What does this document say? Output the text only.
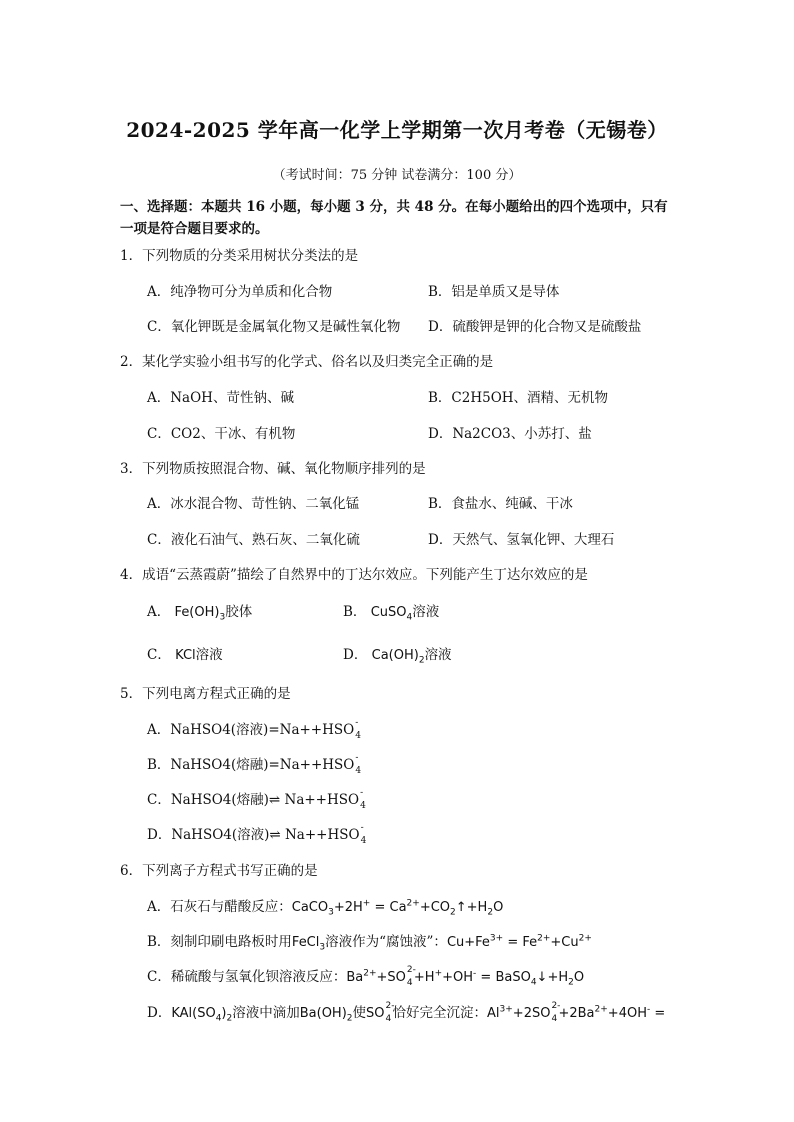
2024-2025 学年高一化学上学期第一次月考卷（无锡卷）
（考试时间：75 分钟 试卷满分：100 分）
一、选择题：本题共 16 小题，每小题 3 分，共 48 分。在每小题给出的四个选项中，只有一项是符合题目要求的。
1．下列物质的分类采用树状分类法的是
A．纯净物可分为单质和化合物	B．铝是单质又是导体
C．氧化钾既是金属氧化物又是碱性氧化物 D．硫酸钾是钾的化合物又是硫酸盐
2．某化学实验小组书写的化学式、俗名以及归类完全正确的是
A．NaOH、苛性钠、碱	B．C2H5OH、酒精、无机物
C．CO2、干冰、有机物	D．Na2CO3、小苏打、盐
3．下列物质按照混合物、碱、氧化物顺序排列的是
A．冰水混合物、苛性钠、二氧化锰	B．食盐水、纯碱、干冰
C．液化石油气、熟石灰、二氧化硫	D．天然气、氢氧化钾、大理石
4．成语“云蒸霞蔚”描绘了自然界中的丁达尔效应。下列能产生丁达尔效应的是
A． $Fe(OH)_3$胶体	B． CuSO$_4$溶液
C． KCl溶液	D． $Ca(OH)_2$溶液
5．下列电离方程式正确的是
A．NaHSO4(溶液)=Na++HSO -
4
B．NaHSO4(熔融)=Na++HSO -
4
C．NaHSO4(熔融)⇌ Na++HSO -
4
D．NaHSO4(溶液)⇌ Na++HSO -
4
6．下列离子方程式书写正确的是
A．石灰石与醋酸反应：CaCO$_3$+2H+ = $Ca^{2+}+CO_2↑+H_2O$
B．刻制印刷电路板时用FeCl$_3$溶液作为“腐蚀液”：$Cu+Fe^{3+} = Fe^{2+}+Cu^{2+}$
C．稀硫酸与氢氧化钡溶液反应：$Ba^{2+}+SO$
2-
$4 +H^++OH^- = BaSO_4↓+H_2O$
D．$KAl(SO_4)_2$溶液中滴加$Ba(OH)_2$使SO
2-
4 恰好完全沉淀：$Al^{3+}+2SO$
2-
$4 +2Ba^{2+}+4OH^-$ =
